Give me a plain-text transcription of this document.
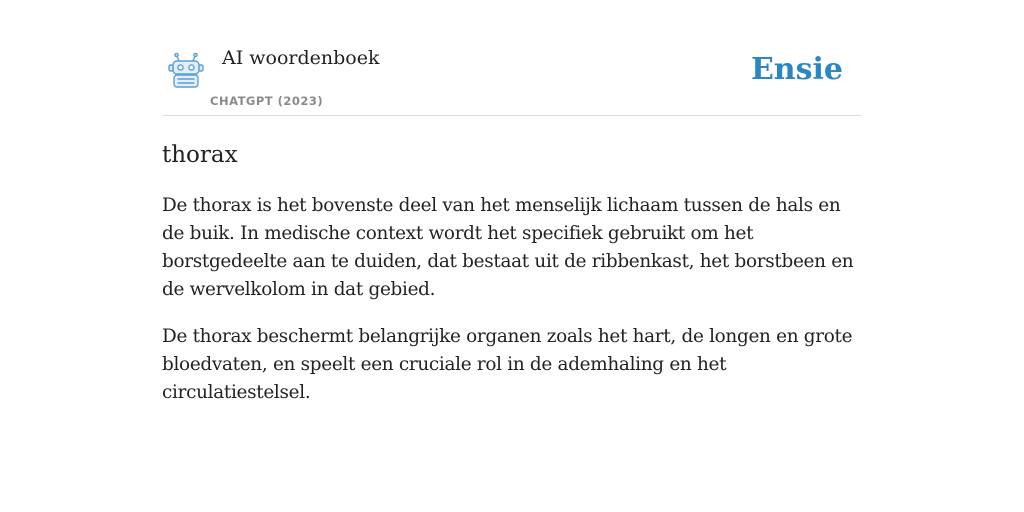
AI woordenboek
CHATGPT (2023)
Ensie
thorax

De thorax is het bovenste deel van het menselijk lichaam tussen de hals en de buik. In medische context wordt het specifiek gebruikt om het borstgedeelte aan te duiden, dat bestaat uit de ribbenkast, het borstbeen en de wervelkolom in dat gebied.

De thorax beschermt belangrijke organen zoals het hart, de longen en grote bloedvaten, en speelt een cruciale rol in de ademhaling en het circulatiestelsel.
